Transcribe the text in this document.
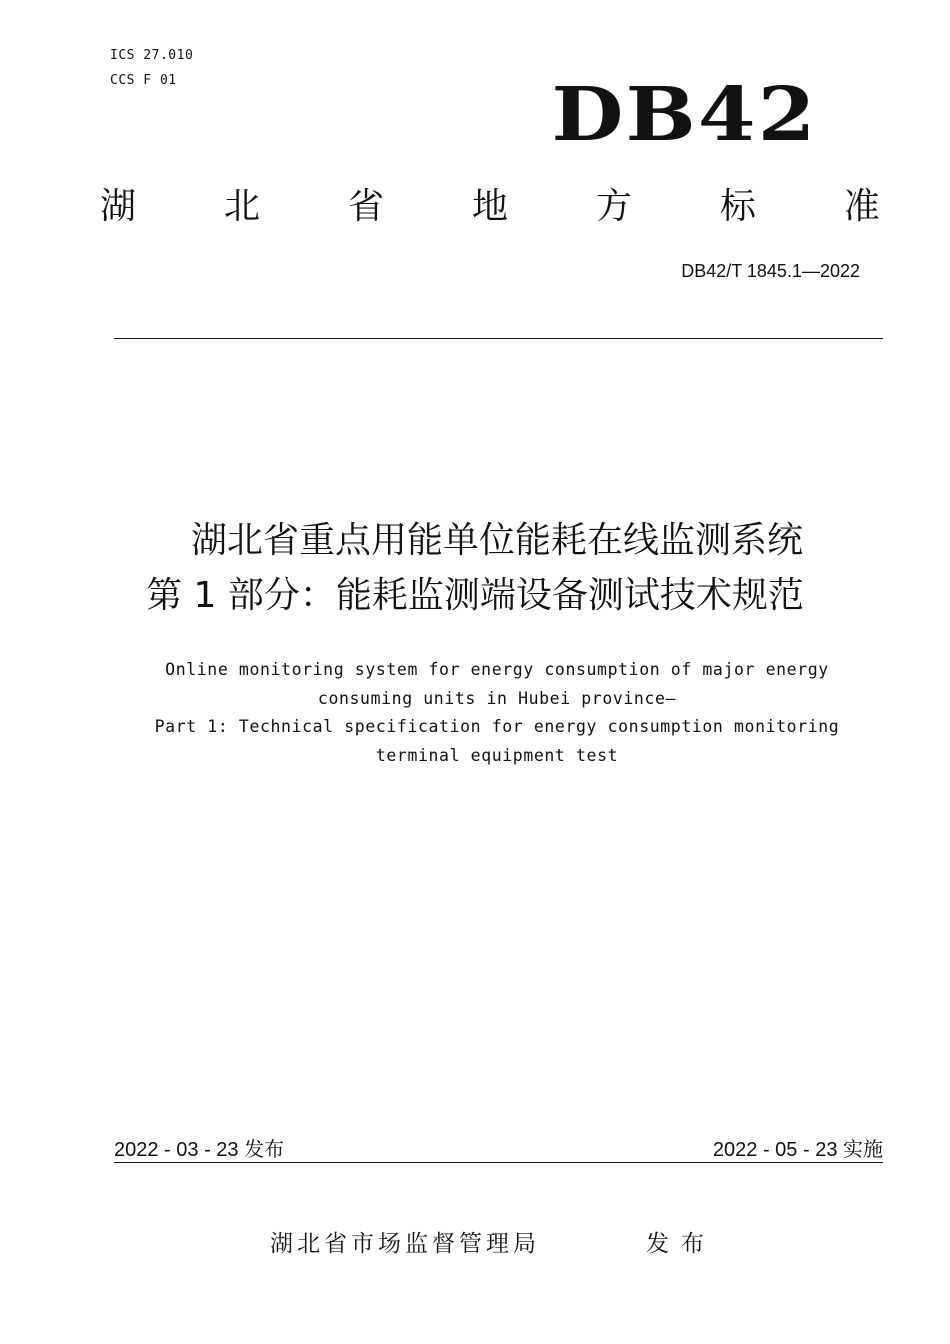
ICS 27.010
CCS F 01	DB42
湖 北 省 地 方 标 准
DB42/T 1845.1—2022
湖北省重点用能单位能耗在线监测系统
第 1 部分：能耗监测端设备测试技术规范
Online monitoring system for energy consumption of major energy
consuming units in Hubei province—
Part 1: Technical specification for energy consumption monitoring
terminal equipment test
2022 - 03 - 23 发布	2022 - 05 - 23 实施
湖北省市场监督管理局	发布
